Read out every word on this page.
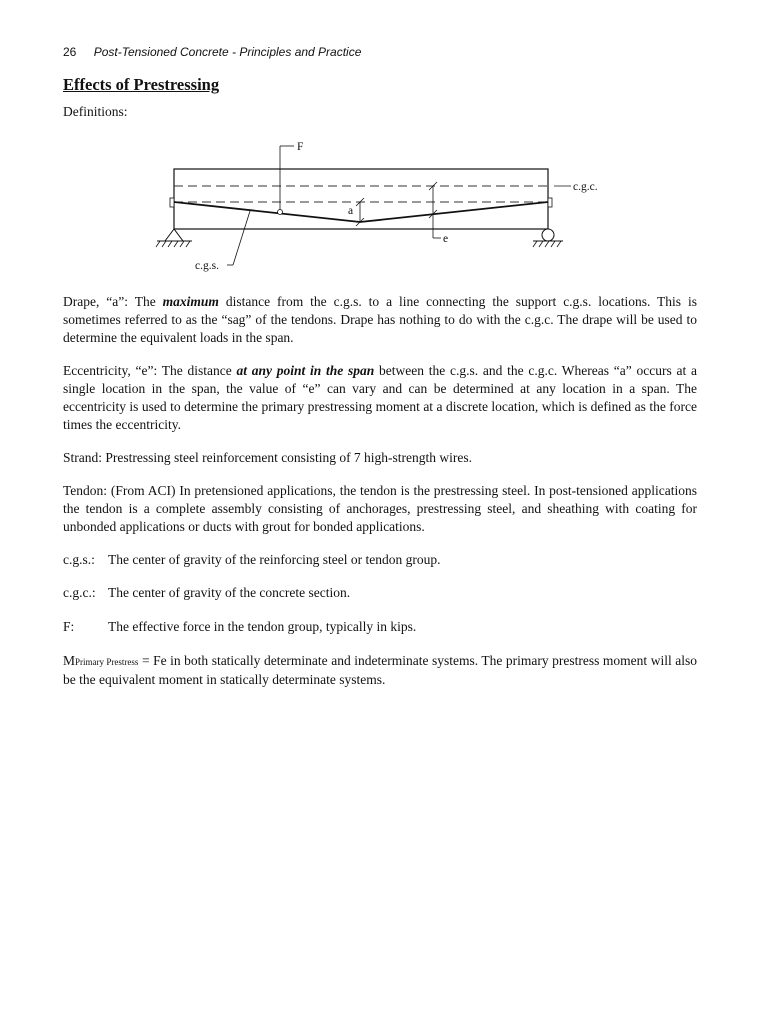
26 Post-Tensioned Concrete - Principles and Practice
Effects of Prestressing
Definitions:
F
c.g.c.
a
e
c.g.s.
Drape, “a”: The maximum distance from the c.g.s. to a line connecting the support c.g.s. locations. This is sometimes referred to as the “sag” of the tendons. Drape has nothing to do with the c.g.c. The drape will be used to determine the equivalent loads in the span.
Eccentricity, “e”: The distance at any point in the span between the c.g.s. and the c.g.c. Whereas “a” occurs at a single location in the span, the value of “e” can vary and can be determined at any location in a span. The eccentricity is used to determine the primary prestressing moment at a discrete location, which is defined as the force times the eccentricity.
Strand: Prestressing steel reinforcement consisting of 7 high-strength wires.
Tendon: (From ACI) In pretensioned applications, the tendon is the prestressing steel. In post-tensioned applications the tendon is a complete assembly consisting of anchorages, prestressing steel, and sheathing with coating for unbonded applications or ducts with grout for bonded applications.
c.g.s.: The center of gravity of the reinforcing steel or tendon group.
c.g.c.: The center of gravity of the concrete section.
F: The effective force in the tendon group, typically in kips.
MPrimary Prestress = Fe in both statically determinate and indeterminate systems. The primary prestress moment will also be the equivalent moment in statically determinate systems.
